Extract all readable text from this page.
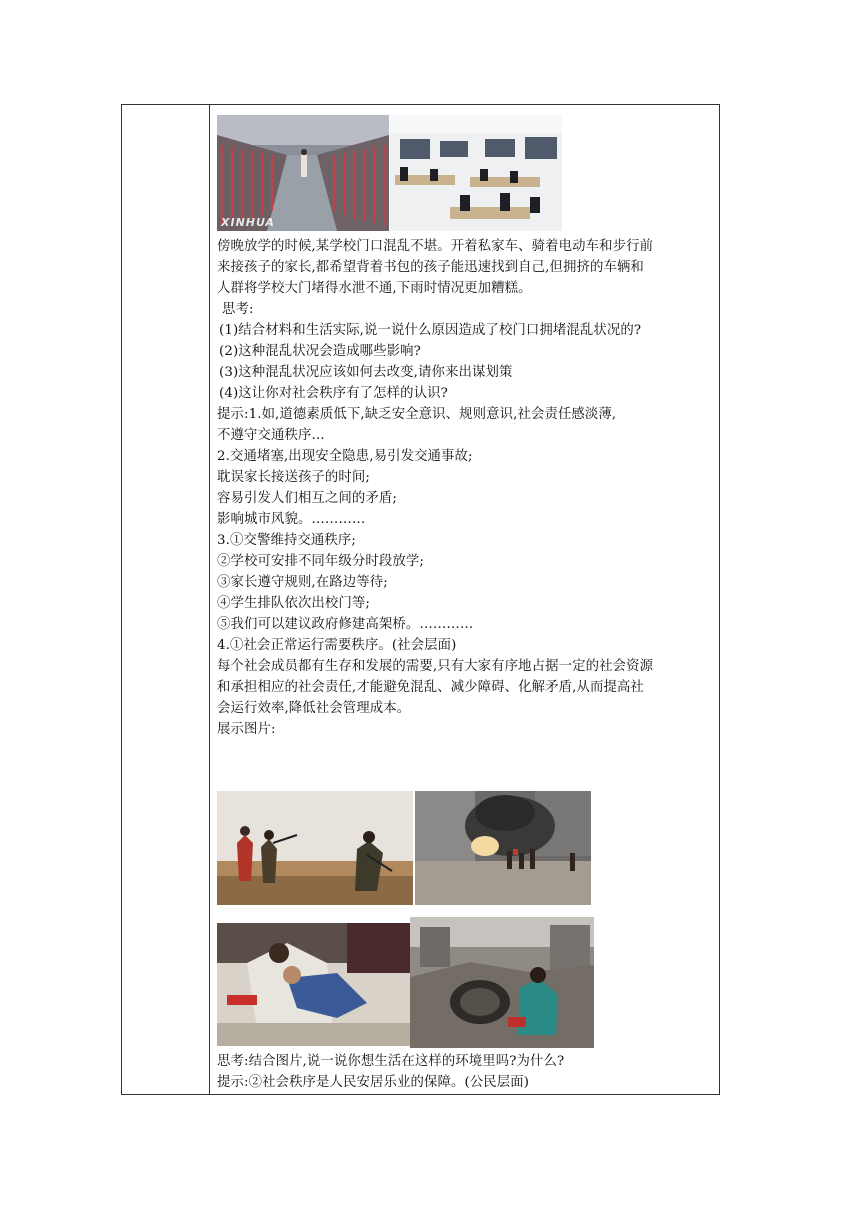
XINHUA
傍晚放学的时候,某学校门口混乱不堪。开着私家车、骑着电动车和步行前
来接孩子的家长,都希望背着书包的孩子能迅速找到自己,但拥挤的车辆和
人群将学校大门堵得水泄不通,下雨时情况更加糟糕。
思考:
(1)结合材料和生活实际,说一说什么原因造成了校门口拥堵混乱状况的?
(2)这种混乱状况会造成哪些影响?
(3)这种混乱状况应该如何去改变,请你来出谋划策
(4)这让你对社会秩序有了怎样的认识?
提示:1.如,道德素质低下,缺乏安全意识、规则意识,社会责任感淡薄,
不遵守交通秩序…
2.交通堵塞,出现安全隐患,易引发交通事故;
耽误家长接送孩子的时间;
容易引发人们相互之间的矛盾;
影响城市风貌。…………
3.①交警维持交通秩序;
②学校可安排不同年级分时段放学;
③家长遵守规则,在路边等待;
④学生排队依次出校门等;
⑤我们可以建议政府修建高架桥。…………
4.①社会正常运行需要秩序。(社会层面)
每个社会成员都有生存和发展的需要,只有大家有序地占据一定的社会资源
和承担相应的社会责任,才能避免混乱、减少障碍、化解矛盾,从而提高社
会运行效率,降低社会管理成本。
展示图片:
思考:结合图片,说一说你想生活在这样的环境里吗?为什么?
提示:②社会秩序是人民安居乐业的保障。(公民层面)
